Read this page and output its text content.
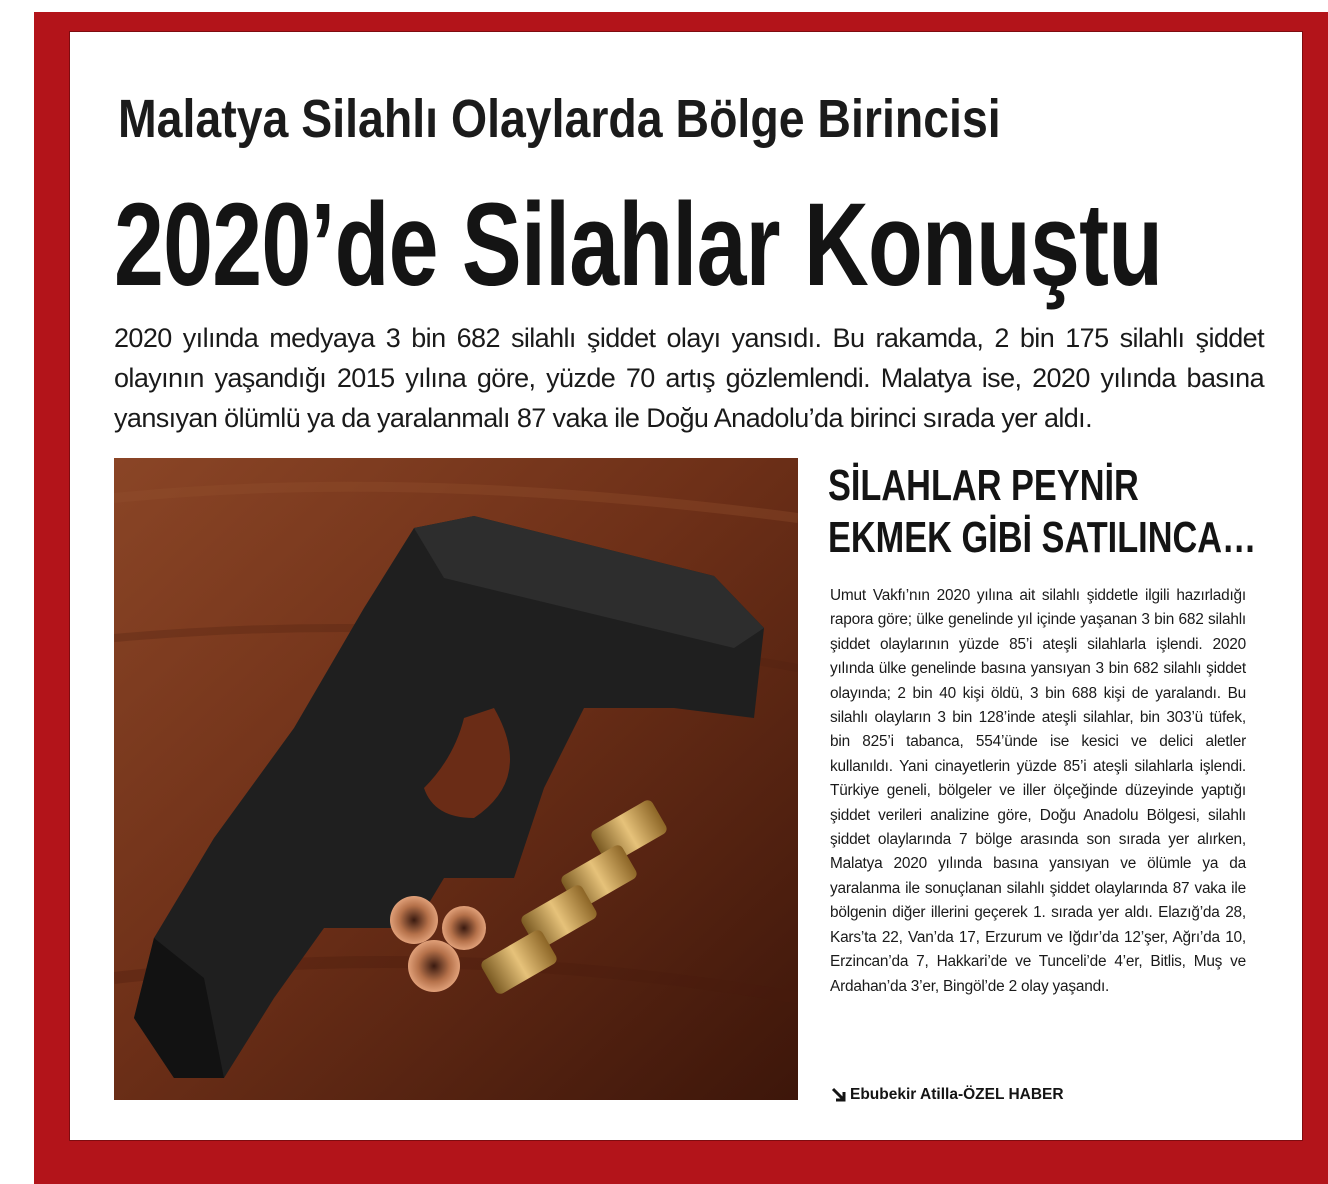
Malatya Silahlı Olaylarda Bölge Birincisi
2020’de Silahlar Konuştu
2020 yılında medyaya 3 bin 682 silahlı şiddet olayı yansıdı. Bu rakamda, 2 bin 175 silahlı şiddet olayının yaşandığı 2015 yılına göre, yüzde 70 artış gözlemlendi. Malatya ise, 2020 yılında basına yansıyan ölümlü ya da yaralanmalı 87 vaka ile Doğu Anadolu’da birinci sırada yer aldı.
SİLAHLAR PEYNİR
EKMEK GİBİ SATILINCA…
Umut Vakfı’nın 2020 yılına ait silahlı şiddetle ilgili hazırladığı rapora göre; ülke genelinde yıl içinde yaşanan 3 bin 682 silahlı şiddet olaylarının yüzde 85’i ateşli silahlarla işlendi. 2020 yılında ülke genelinde basına yansıyan 3 bin 682 silahlı şiddet olayında; 2 bin 40 kişi öldü, 3 bin 688 kişi de yaralandı. Bu silahlı olayların 3 bin 128’inde ateşli silahlar, bin 303’ü tüfek, bin 825’i tabanca, 554’ünde ise kesici ve delici aletler kullanıldı. Yani cinayetlerin yüzde 85’i ateşli silahlarla işlendi. Türkiye geneli, bölgeler ve iller ölçeğinde düzeyinde yaptığı şiddet verileri analizine göre, Doğu Anadolu Bölgesi, silahlı şiddet olaylarında 7 bölge arasında son sırada yer alırken, Malatya 2020 yılında basına yansıyan ve ölümle ya da yaralanma ile sonuçlanan silahlı şiddet olaylarında 87 vaka ile bölgenin diğer illerini geçerek 1. sırada yer aldı. Elazığ’da 28, Kars’ta 22, Van’da 17, Erzurum ve Iğdır’da 12’şer, Ağrı’da 10, Erzincan’da 7, Hakkari’de ve Tunceli’de 4’er, Bitlis, Muş ve Ardahan’da 3’er, Bingöl’de 2 olay yaşandı.
Ebubekir Atilla-ÖZEL HABER
